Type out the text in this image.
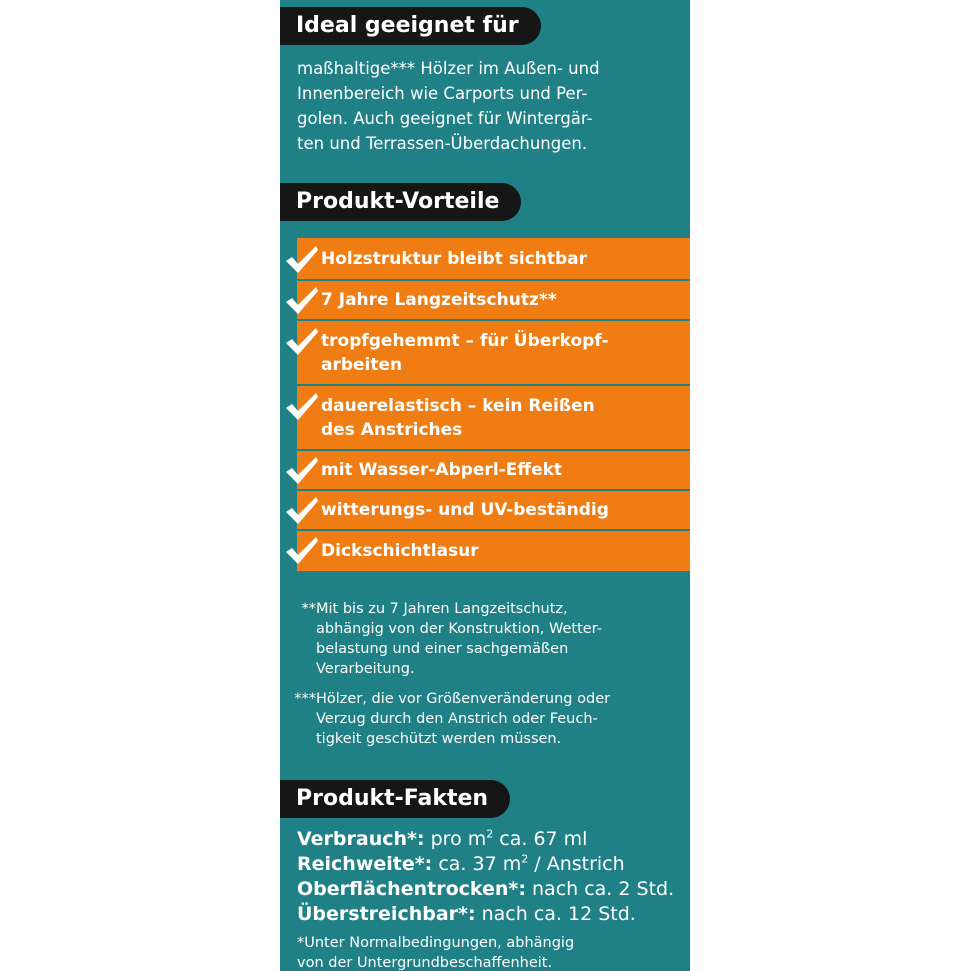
Ideal geeignet für
maßhaltige*** Hölzer im Außen- und
Innenbereich wie Carports und Per-
golen. Auch geeignet für Wintergär-
ten und Terrassen-Überdachungen.
Produkt-Vorteile
Holzstruktur bleibt sichtbar
7 Jahre Langzeitschutz**
tropfgehemmt – für Überkopf-
arbeiten
dauerelastisch – kein Reißen
des Anstriches
mit Wasser-Abperl-Effekt
witterungs- und UV-beständig
Dickschichtlasur
** Mit bis zu 7 Jahren Langzeitschutz,
abhängig von der Konstruktion, Wetter-
belastung und einer sachgemäßen
Verarbeitung.
*** Hölzer, die vor Größenveränderung oder
Verzug durch den Anstrich oder Feuch-
tigkeit geschützt werden müssen.
Produkt-Fakten
Verbrauch*: pro $m^2$ ca. 67 ml
Reichweite*: ca. 37 $m^2$ / Anstrich
Oberflächentrocken*: nach ca. 2 Std.
Überstreichbar*: nach ca. 12 Std.
*Unter Normalbedingungen, abhängig
von der Untergrundbeschaffenheit.
